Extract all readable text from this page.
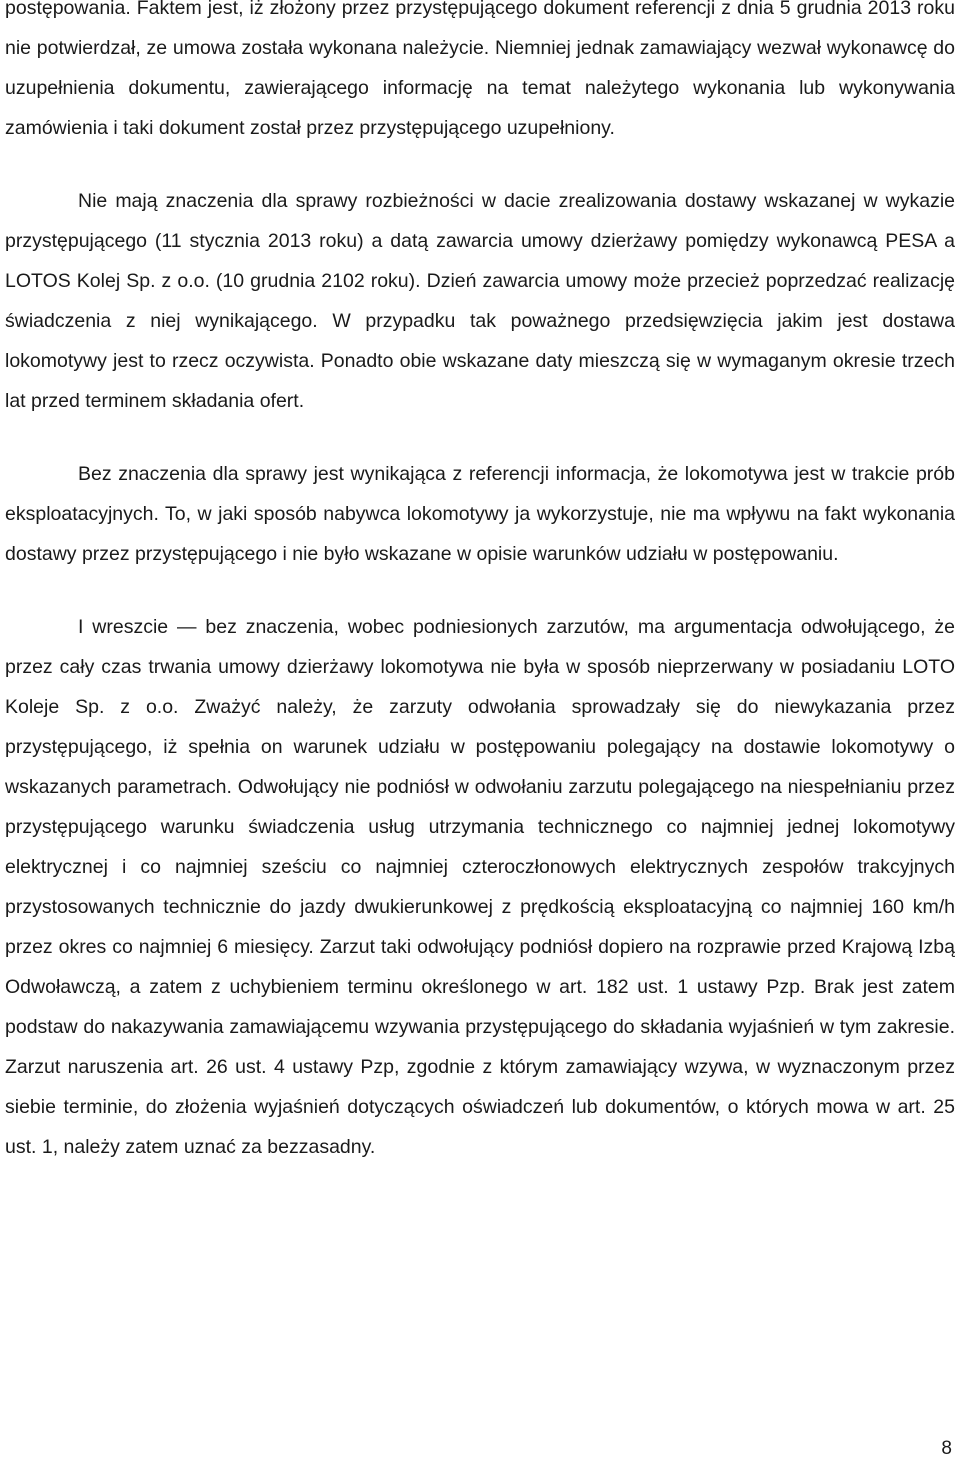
postępowania. Faktem jest, iż złożony przez przystępującego dokument referencji z dnia 5 grudnia 2013 roku nie potwierdzał, ze umowa została wykonana należycie. Niemniej jednak zamawiający wezwał wykonawcę do uzupełnienia dokumentu, zawierającego informację na temat należytego wykonania lub wykonywania zamówienia i taki dokument został przez przystępującego uzupełniony.

Nie mają znaczenia dla sprawy rozbieżności w dacie zrealizowania dostawy wskazanej w wykazie przystępującego (11 stycznia 2013 roku) a datą zawarcia umowy dzierżawy pomiędzy wykonawcą PESA a LOTOS Kolej Sp. z o.o. (10 grudnia 2102 roku). Dzień zawarcia umowy może przecież poprzedzać realizację świadczenia z niej wynikającego. W przypadku tak poważnego przedsięwzięcia jakim jest dostawa lokomotywy jest to rzecz oczywista. Ponadto obie wskazane daty mieszczą się w wymaganym okresie trzech lat przed terminem składania ofert.

Bez znaczenia dla sprawy jest wynikająca z referencji informacja, że lokomotywa jest w trakcie prób eksploatacyjnych. To, w jaki sposób nabywca lokomotywy ja wykorzystuje, nie ma wpływu na fakt wykonania dostawy przez przystępującego i nie było wskazane w opisie warunków udziału w postępowaniu.

I wreszcie — bez znaczenia, wobec podniesionych zarzutów, ma argumentacja odwołującego, że przez cały czas trwania umowy dzierżawy lokomotywa nie była w sposób nieprzerwany w posiadaniu LOTO Koleje Sp. z o.o. Zważyć należy, że zarzuty odwołania sprowadzały się do niewykazania przez przystępującego, iż spełnia on warunek udziału w postępowaniu polegający na dostawie lokomotywy o wskazanych parametrach. Odwołujący nie podniósł w odwołaniu zarzutu polegającego na niespełnianiu przez przystępującego warunku świadczenia usług utrzymania technicznego co najmniej jednej lokomotywy elektrycznej i co najmniej sześciu co najmniej czteroczłonowych elektrycznych zespołów trakcyjnych przystosowanych technicznie do jazdy dwukierunkowej z prędkością eksploatacyjną co najmniej 160 km/h przez okres co najmniej 6 miesięcy. Zarzut taki odwołujący podniósł dopiero na rozprawie przed Krajową Izbą Odwoławczą, a zatem z uchybieniem terminu określonego w art. 182 ust. 1 ustawy Pzp. Brak jest zatem podstaw do nakazywania zamawiającemu wzywania przystępującego do składania wyjaśnień w tym zakresie. Zarzut naruszenia art. 26 ust. 4 ustawy Pzp, zgodnie z którym zamawiający wzywa, w wyznaczonym przez siebie terminie, do złożenia wyjaśnień dotyczących oświadczeń lub dokumentów, o których mowa w art. 25 ust. 1, należy zatem uznać za bezzasadny.

8
